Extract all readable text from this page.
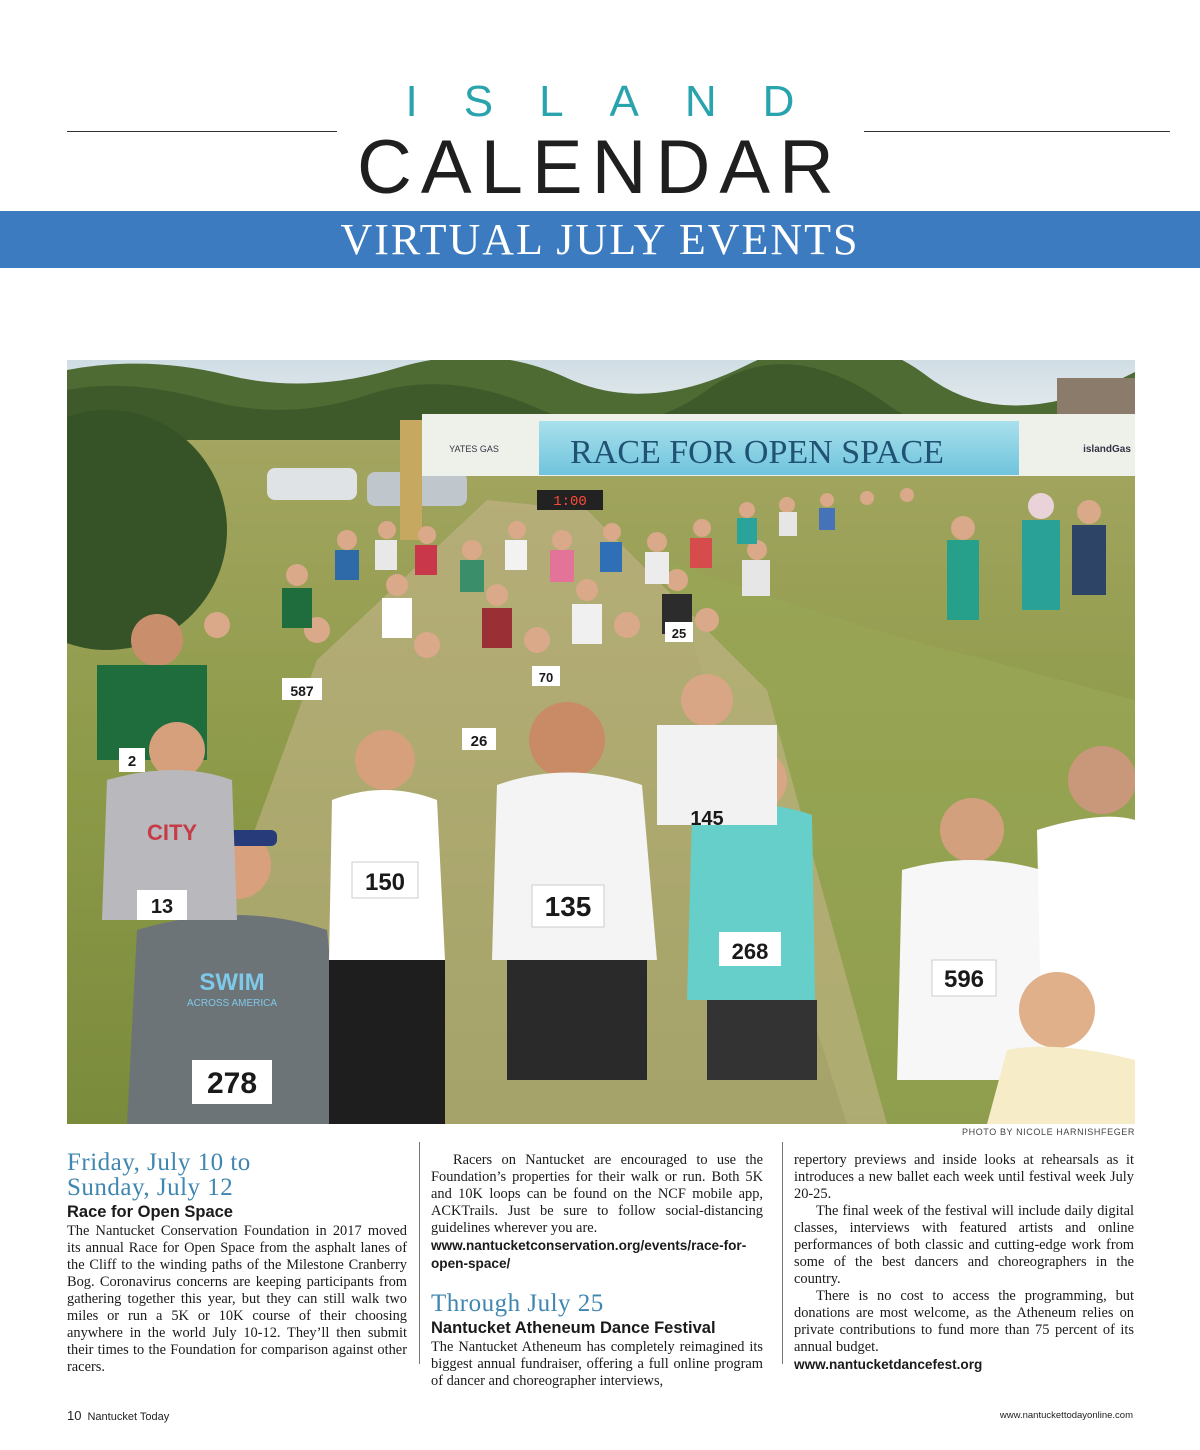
ISLAND
CALENDAR
VIRTUAL JULY EVENTS
RACE FOR OPEN SPACE
YATES GAS	islandGas
1:00
278
SWIM
ACROSS AMERICA
150
135
268
145
596
CITY
13
587
26
70
25
2
PHOTO BY NICOLE HARNISHFEGER
Friday, July 10 to
Sunday, July 12
Race for Open Space

The Nantucket Conservation Foundation in 2017 moved its annual Race for Open Space from the asphalt lanes of the Cliff to the winding paths of the Milestone Cranberry Bog. Coronavirus concerns are keeping participants from gathering together this year, but they can still walk two miles or run a 5K or 10K course of their choosing anywhere in the world July 10-12. They’ll then submit their times to the Foundation for comparison against other racers.

Racers on Nantucket are encouraged to use the Foundation’s properties for their walk or run. Both 5K and 10K loops can be found on the NCF mobile app, ACKTrails. Just be sure to follow social-distancing guidelines wherever you are.

www.nantucketconservation.org/events/race-for-open-space/
Through July 25
Nantucket Atheneum Dance Festival

The Nantucket Atheneum has completely reimagined its biggest annual fundraiser, offering a full online program of dancer and choreographer interviews,

repertory previews and inside looks at rehearsals as it introduces a new ballet each week until festival week July 20-25.

The final week of the festival will include daily digital classes, interviews with featured artists and online performances of both classic and cutting-edge work from some of the best dancers and choreographers in the country.

There is no cost to access the programming, but donations are most welcome, as the Atheneum relies on private contributions to fund more than 75 percent of its annual budget.

www.nantucketdancefest.org
10 Nantucket Today	www.nantuckettodayonline.com
